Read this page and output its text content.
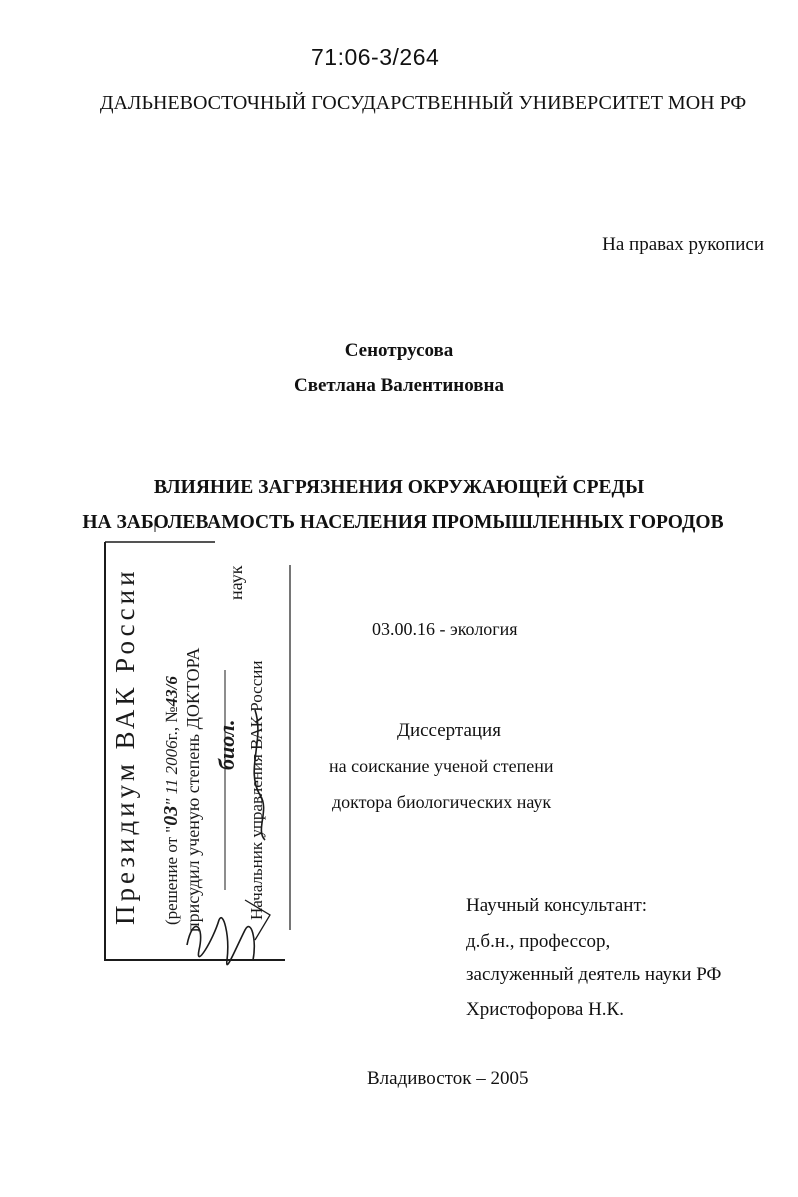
71:06-3/264
ДАЛЬНЕВОСТОЧНЫЙ ГОСУДАРСТВЕННЫЙ УНИВЕРСИТЕТ МОН РФ
На правах рукописи
Сенотрусова
Светлана Валентиновна
ВЛИЯНИЕ ЗАГРЯЗНЕНИЯ ОКРУЖАЮЩЕЙ СРЕДЫ
НА ЗАБОЛЕВАМОСТЬ НАСЕЛЕНИЯ ПРОМЫШЛЕННЫХ ГОРОДОВ
03.00.16 - экология
Диссертация
на соискание ученой степени
доктора биологических наук
Научный консультант:
д.б.н., профессор,
заслуженный деятель науки РФ
Христофорова Н.К.
Владивосток – 2005
Президиум ВАК России (решение от "03" 11 2006г., №43/6 присудил ученую степень ДОКТОРА биол.
наук
Начальник управления ВАК России
